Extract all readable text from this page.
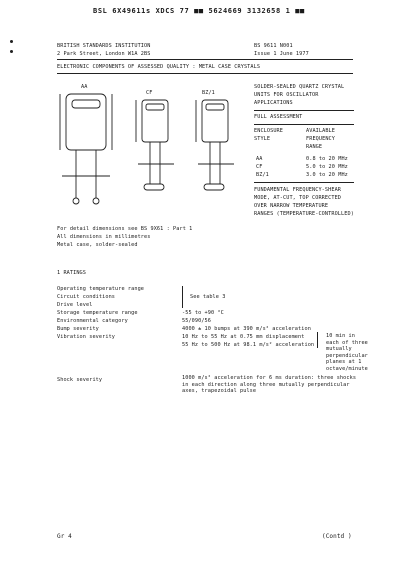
BSL 6X49611s XDCS 77 ■■ 5624669 3132658 1 ■■
BRITISH STANDARDS INSTITUTION
2 Park Street, London W1A 2BS
BS 9611 N001
Issue 1 June 1977
ELECTRONIC COMPONENTS OF ASSESSED QUALITY : METAL CASE CRYSTALS
AA
CF	BZ/1
For detail dimensions see BS 9X61 : Part 1
All dimensions in millimetres
Metal case, solder-sealed
SOLDER-SEALED QUARTZ CRYSTAL
UNITS FOR OSCILLATOR
APPLICATIONS
FULL ASSESSMENT
ENCLOSURE
STYLE
AVAILABLE
FREQUENCY
RANGE
AA	0.8 to 20 MHz
CF	5.0 to 20 MHz
BZ/1	3.0 to 20 MHz
FUNDAMENTAL FREQUENCY-SHEAR
MODE, AT-CUT, TOP CORRECTED
OVER NARROW TEMPERATURE
RANGES (TEMPERATURE-CONTROLLED)
1 RATINGS
Operating temperature range
Circuit conditions	See table 3
Drive level
Storage temperature range	-55 to +90 °C
Environmental category	55/090/56
Bump severity	4000 ± 10 bumps at 390 m/s² acceleration
Vibration severity	10 Hz to 55 Hz at 0.75 mm displacement
55 Hz to 500 Hz at 98.1 m/s² acceleration
10 min in
each of three
mutually
perpendicular
planes at 1
octave/minute
Shock severity	1000 m/s² acceleration for 6 ms duration: three shocks
in each direction along three mutually perpendicular
axes, trapezoidal pulse
Gr 4	(Contd )
